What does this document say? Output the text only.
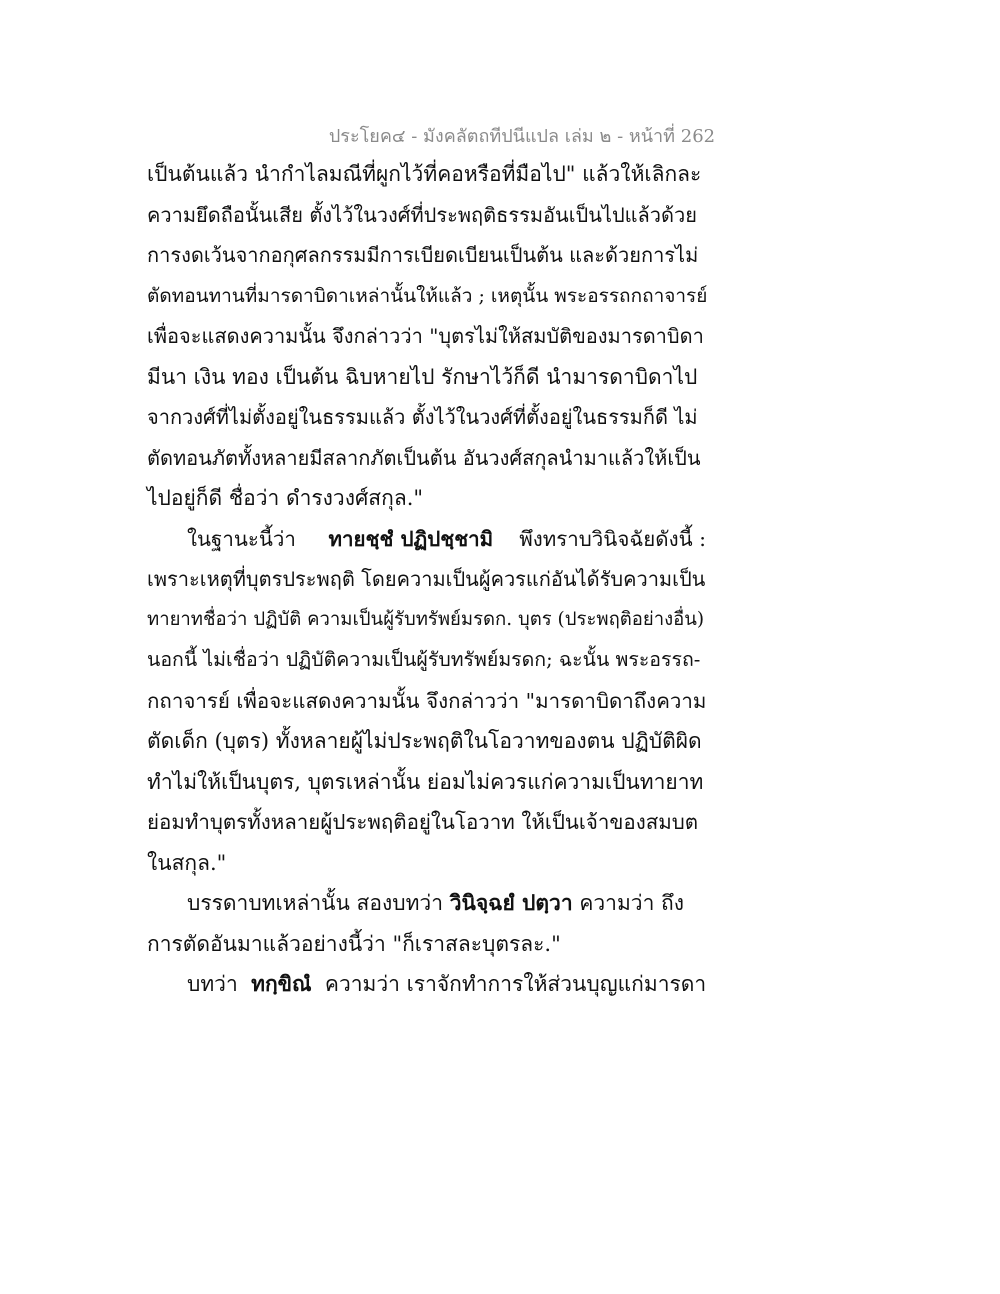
ประโยค๔ - มังคลัตถทีปนีแปล เล่ม ๒ - หน้าที่ 262
เป็นต้นแล้ว นำกำไลมณีที่ผูกไว้ที่คอหรือที่มือไป" แล้วให้เลิกละ
ความยึดถือนั้นเสีย ตั้งไว้ในวงศ์ที่ประพฤติธรรมอันเป็นไปแล้วด้วย
การงดเว้นจากอกุศลกรรมมีการเบียดเบียนเป็นต้น และด้วยการไม่
ตัดทอนทานที่มารดาบิดาเหล่านั้นให้แล้ว ; เหตุนั้น พระอรรถกถาจารย์
เพื่อจะแสดงความนั้น จึงกล่าวว่า "บุตรไม่ให้สมบัติของมารดาบิดา
มีนา เงิน ทอง เป็นต้น ฉิบหายไป รักษาไว้ก็ดี นำมารดาบิดาไป
จากวงศ์ที่ไม่ตั้งอยู่ในธรรมแล้ว ตั้งไว้ในวงศ์ที่ตั้งอยู่ในธรรมก็ดี ไม่
ตัดทอนภัตทั้งหลายมีสลากภัตเป็นต้น อันวงศ์สกุลนำมาแล้วให้เป็น
ไปอยู่ก็ดี ชื่อว่า ดำรงวงศ์สกุล."
ในฐานะนี้ว่า ทายชฺชํ ปฏิปชฺชามิ พึงทราบวินิจฉัยดังนี้ :
เพราะเหตุที่บุตรประพฤติ โดยความเป็นผู้ควรแก่อันได้รับความเป็น
ทายาทชื่อว่า ปฏิบัติ ความเป็นผู้รับทรัพย์มรดก. บุตร (ประพฤติอย่างอื่น)
นอกนี้ ไม่เชื่อว่า ปฏิบัติความเป็นผู้รับทรัพย์มรดก; ฉะนั้น พระอรรถ-
กถาจารย์ เพื่อจะแสดงความนั้น จึงกล่าวว่า "มารดาบิดาถึงความ
ตัดเด็ก (บุตร) ทั้งหลายผู้ไม่ประพฤติในโอวาทของตน ปฏิบัติผิด
ทำไม่ให้เป็นบุตร, บุตรเหล่านั้น ย่อมไม่ควรแก่ความเป็นทายาท
ย่อมทำบุตรทั้งหลายผู้ประพฤติอยู่ในโอวาท ให้เป็นเจ้าของสมบต
ในสกุล."
บรรดาบทเหล่านั้น สองบทว่า วินิจฺฉยํ ปตฺวา ความว่า ถึง
การตัดอันมาแล้วอย่างนี้ว่า "ก็เราสละบุตรละ."
บทว่า ทกฺขิณํ ความว่า เราจักทำการให้ส่วนบุญแก่มารดา
